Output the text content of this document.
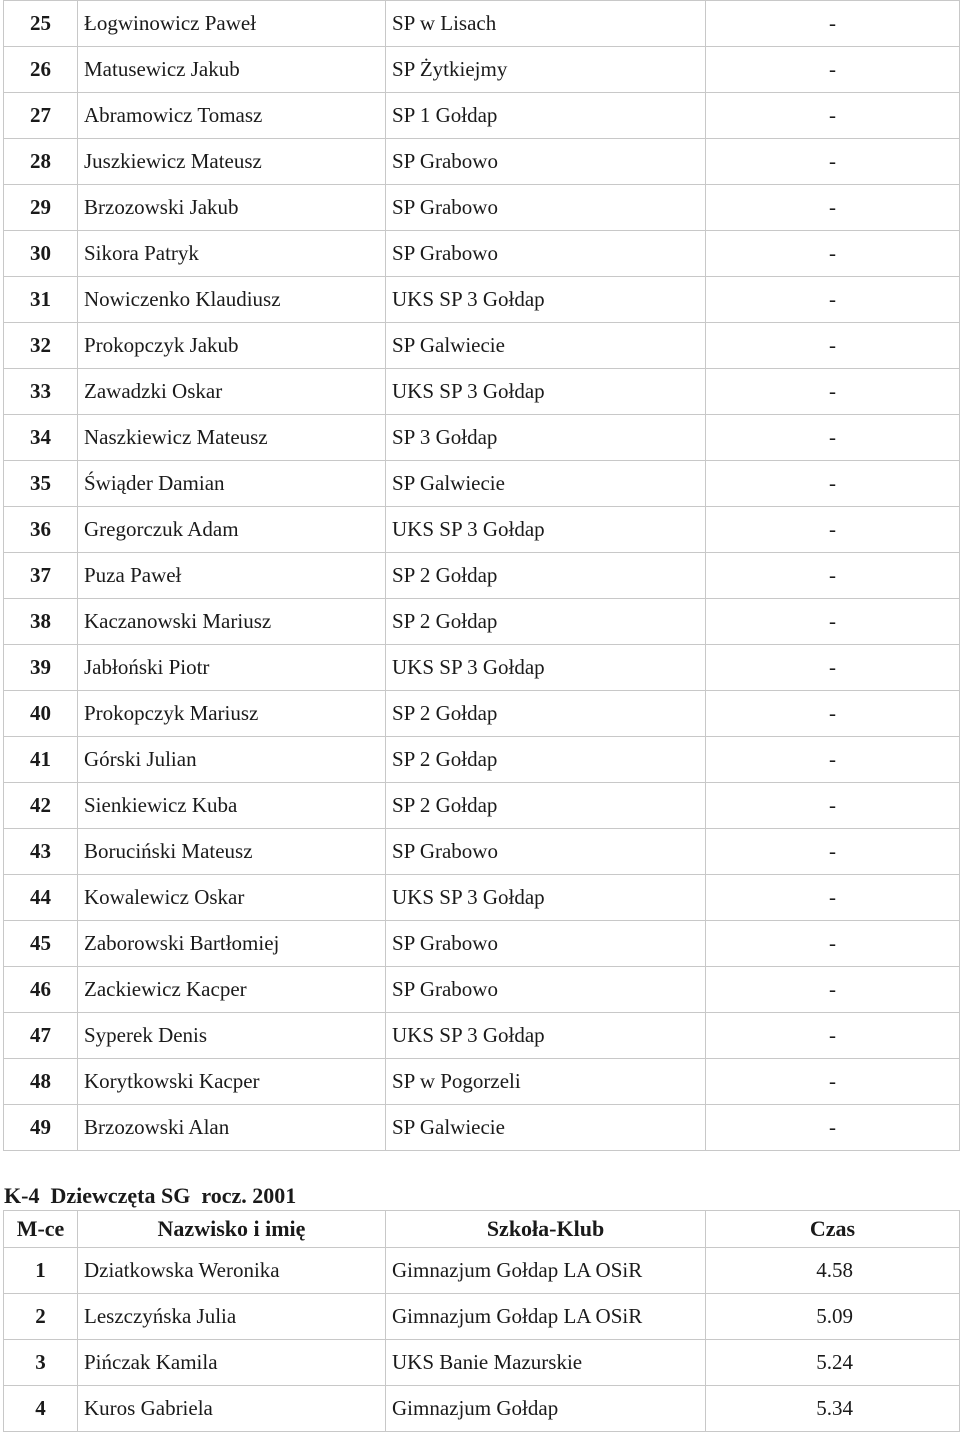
25	Łogwinowicz Paweł	SP w Lisach	-
26	Matusewicz Jakub	SP Żytkiejmy	-
27	Abramowicz Tomasz	SP 1 Gołdap	-
28	Juszkiewicz Mateusz	SP Grabowo	-
29	Brzozowski Jakub	SP Grabowo	-
30	Sikora Patryk	SP Grabowo	-
31	Nowiczenko Klaudiusz	UKS SP 3 Gołdap	-
32	Prokopczyk Jakub	SP Galwiecie	-
33	Zawadzki Oskar	UKS SP 3 Gołdap	-
34	Naszkiewicz Mateusz	SP 3 Gołdap	-
35	Świąder Damian	SP Galwiecie	-
36	Gregorczuk Adam	UKS SP 3 Gołdap	-
37	Puza Paweł	SP 2 Gołdap	-
38	Kaczanowski Mariusz	SP 2 Gołdap	-
39	Jabłoński Piotr	UKS SP 3 Gołdap	-
40	Prokopczyk Mariusz	SP 2 Gołdap	-
41	Górski Julian	SP 2 Gołdap	-
42	Sienkiewicz Kuba	SP 2 Gołdap	-
43	Boruciński Mateusz	SP Grabowo	-
44	Kowalewicz Oskar	UKS SP 3 Gołdap	-
45	Zaborowski Bartłomiej	SP Grabowo	-
46	Zackiewicz Kacper	SP Grabowo	-
47	Syperek Denis	UKS SP 3 Gołdap	-
48	Korytkowski Kacper	SP w Pogorzeli	-
49	Brzozowski Alan	SP Galwiecie	-
K-4  Dziewczęta SG  rocz. 2001
M-ce	Nazwisko i imię	Szkoła-Klub	Czas
1	Dziatkowska Weronika	Gimnazjum Gołdap LA OSiR	4.58
2	Leszczyńska Julia	Gimnazjum Gołdap LA OSiR	5.09
3	Pińczak Kamila	UKS Banie Mazurskie	5.24
4	Kuros Gabriela	Gimnazjum Gołdap	5.34
